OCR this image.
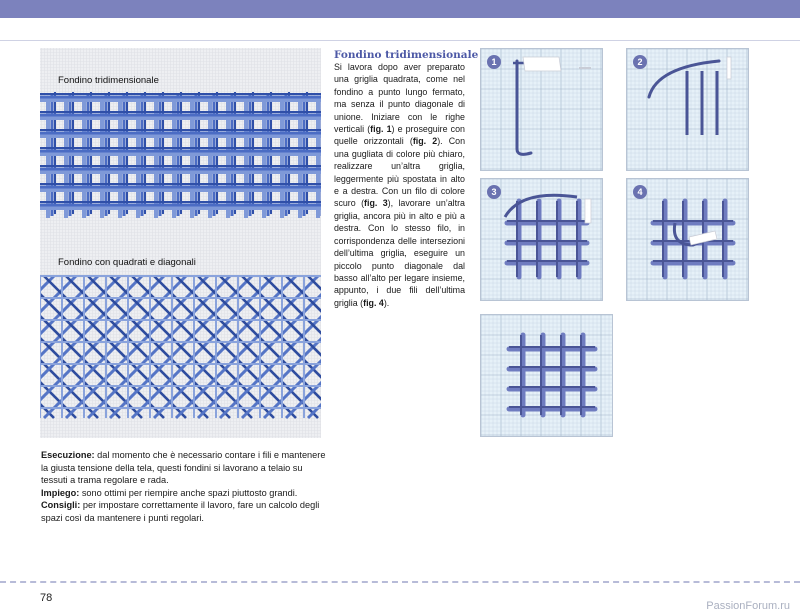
Fondino tridimensionale
Fondino con quadrati e diagonali

Esecuzione: dal momento che è necessario contare i fili e mantenere la giusta tensione della tela, questi fondini si lavorano a telaio su tessuti a trama regolare e rada.

Impiego: sono ottimi per riempire anche spazi piuttosto grandi.

Consigli: per impostare correttamente il lavoro, fare un calcolo degli spazi così da mantenere i punti regolari.

Fondino tridimensionale
Si lavora dopo aver preparato una griglia quadrata, come nel fondino a punto lungo fermato, ma senza il punto diagonale di unione. Iniziare con le righe verticali (fig. 1) e proseguire con quelle orizzontali (fig. 2). Con una gugliata di colore più chiaro, realizzare un’altra griglia, leggermente più spostata in alto e a destra. Con un filo di colore scuro (fig. 3), lavorare un’altra griglia, ancora più in alto e più a destra. Con lo stesso filo, in corrispondenza delle intersezioni dell’ultima griglia, eseguire un piccolo punto diagonale dal basso all’alto per legare insieme, appunto, i due fili dell’ultima griglia (fig. 4).
1	2
3	4
78
PassionForum.ru
